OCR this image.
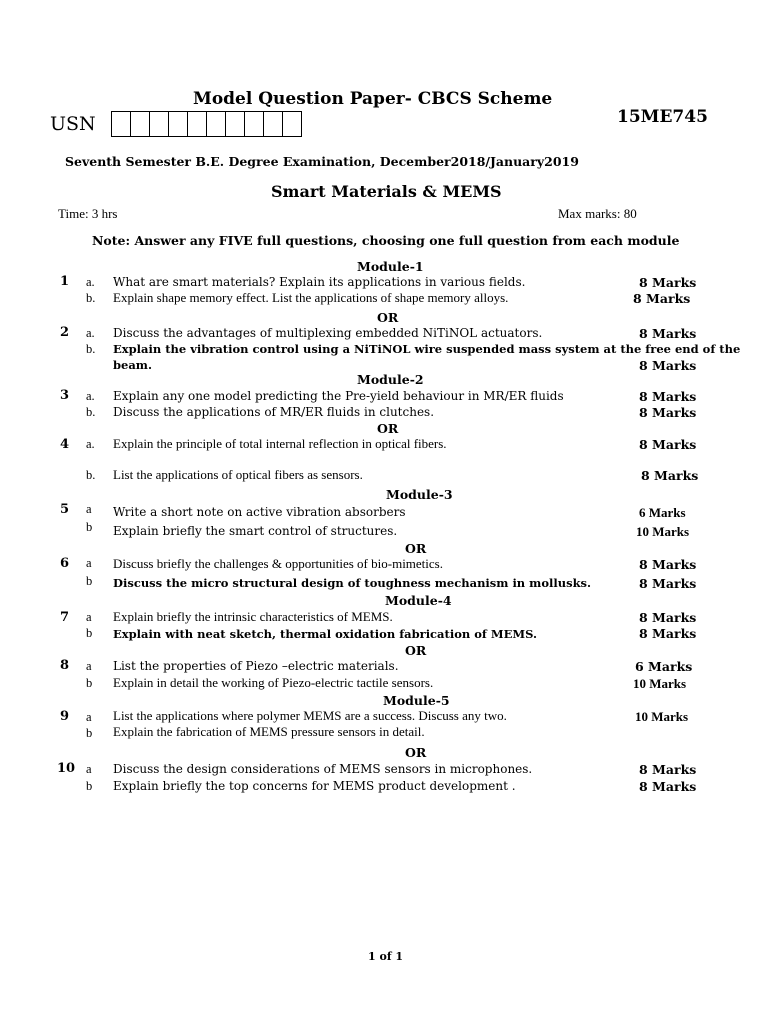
Model Question Paper- CBCS Scheme
USN	15ME745
Seventh Semester B.E. Degree Examination, December2018/January2019
Smart Materials & MEMS
Time: 3 hrs	Max marks: 80
Note: Answer any FIVE full questions, choosing one full question from each module
Module-1
Module-2
Module-3
Module-4
Module-5
OR
OR
OR
OR
OR
1 a. What are smart materials? Explain its applications in various fields.	8 Marks
b. Explain shape memory effect. List the applications of shape memory alloys.	8 Marks
2 a. Discuss the advantages of multiplexing embedded NiTiNOL actuators.	8 Marks
b. Explain the vibration control using a NiTiNOL wire suspended mass system at the free end of the
beam.	8 Marks
3 a. Explain any one model predicting the Pre-yield behaviour in MR/ER fluids	8 Marks
b. Discuss the applications of MR/ER fluids in clutches.	8 Marks
4 a. Explain the principle of total internal reflection in optical fibers.	8 Marks
b. List the applications of optical fibers as sensors.	8 Marks
5 a Write a short note on active vibration absorbers	6 Marks
b Explain briefly the smart control of structures.	10 Marks
6 a Discuss briefly the challenges & opportunities of bio-mimetics.	8 Marks
b Discuss the micro structural design of toughness mechanism in mollusks.	8 Marks
7 a Explain briefly the intrinsic characteristics of MEMS.	8 Marks
b Explain with neat sketch, thermal oxidation fabrication of MEMS.	8 Marks
8 a List the properties of Piezo –electric materials.	6 Marks
b Explain in detail the working of Piezo-electric tactile sensors.	10 Marks
9 a List the applications where polymer MEMS are a success. Discuss any two.	10 Marks
b Explain the fabrication of MEMS pressure sensors in detail.
10 a Discuss the design considerations of MEMS sensors in microphones.	8 Marks
b Explain briefly the top concerns for MEMS product development .	8 Marks
1 of 1
